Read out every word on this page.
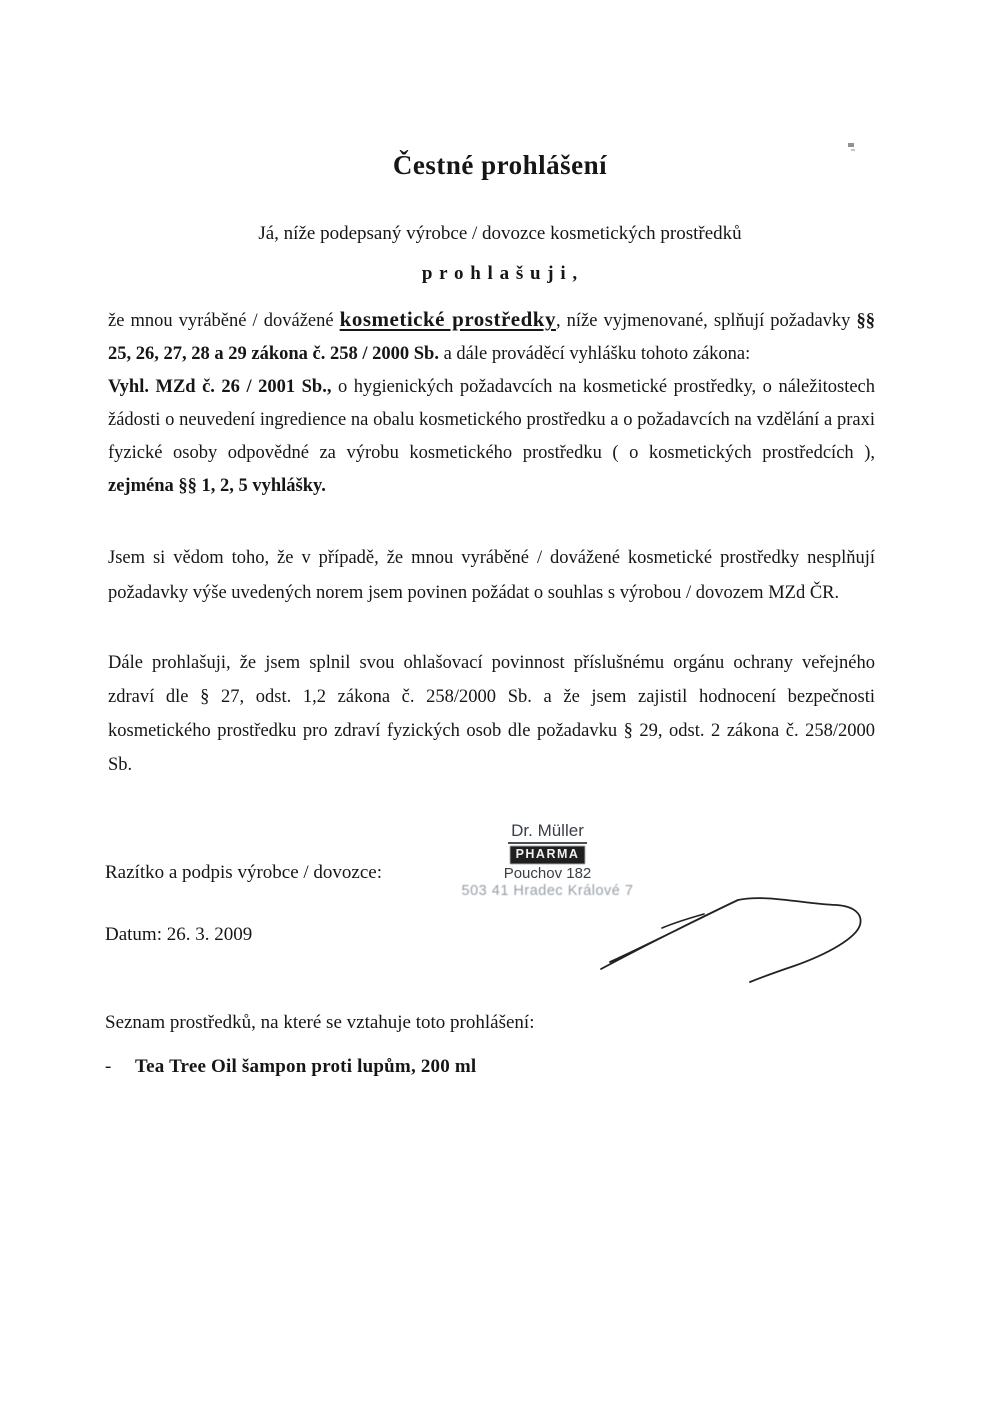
Čestné prohlášení

Já, níže podepsaný výrobce / dovozce kosmetických prostředků

p r o h l a š u j i ,

že mnou vyráběné / dovážené kosmetické prostředky, níže vyjmenované, splňují požadavky §§ 25, 26, 27, 28 a 29 zákona č. 258 / 2000 Sb. a dále prováděcí vyhlášku tohoto zákona:
Vyhl. MZd č. 26 / 2001 Sb., o hygienických požadavcích na kosmetické prostředky, o náležitostech žádosti o neuvedení ingredience na obalu kosmetického prostředku a o požadavcích na vzdělání a praxi fyzické osoby odpovědné za výrobu kosmetického prostředku ( o kosmetických prostředcích ), zejména §§ 1, 2, 5 vyhlášky.

Jsem si vědom toho, že v případě, že mnou vyráběné / dovážené kosmetické prostředky nesplňují požadavky výše uvedených norem jsem povinen požádat o souhlas s výrobou / dovozem MZd ČR.

Dále prohlašuji, že jsem splnil svou ohlašovací povinnost příslušnému orgánu ochrany veřejného zdraví dle § 27, odst. 1,2 zákona č. 258/2000 Sb. a že jsem zajistil hodnocení bezpečnosti kosmetického prostředku pro zdraví fyzických osob dle požadavku § 29, odst. 2 zákona č. 258/2000 Sb.

Dr. Müller
PHARMA
Pouchov 182
503 41 Hradec Králové 7

Razítko a podpis výrobce / dovozce:

Datum: 26. 3. 2009

Seznam prostředků, na které se vztahuje toto prohlášení:

- Tea Tree Oil šampon proti lupům, 200 ml
